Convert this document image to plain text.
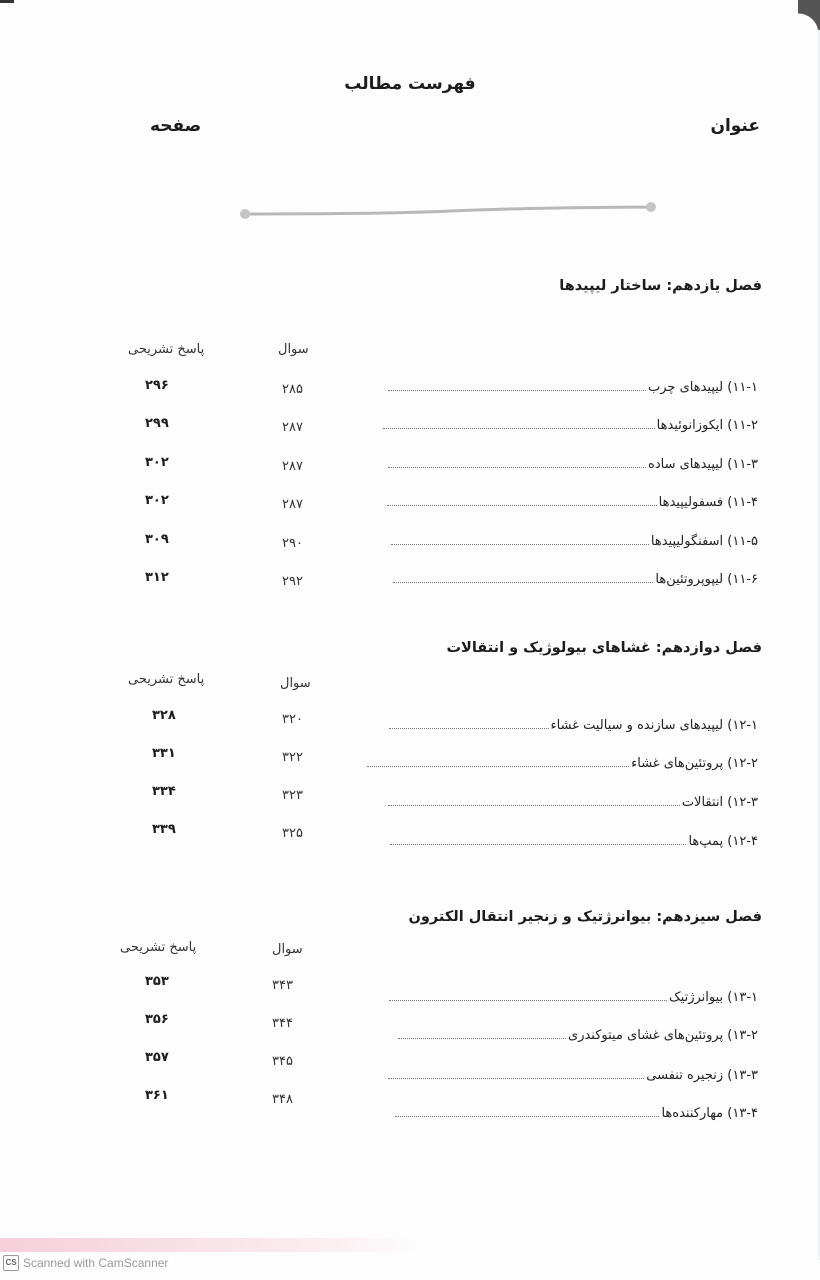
فهرست مطالب
عنوان
صفحه
فصل یازدهم: ساختار لیپیدها
سوال
پاسخ تشریحی
۱۱-۱) لیپیدهای چرب
۲۸۵
۲۹۶
۱۱-۲) ایکوزانوئیدها
۲۸۷
۲۹۹
۱۱-۳) لیپیدهای ساده
۲۸۷
۳۰۲
۱۱-۴) فسفولیپیدها
۲۸۷
۳۰۲
۱۱-۵) اسفنگولیپیدها
۲۹۰
۳۰۹
۱۱-۶) لیپوپروتئین‌ها
۲۹۲
۳۱۲
فصل دوازدهم: غشاهای بیولوژیک و انتقالات
سوال
پاسخ تشریحی
۱۲-۱) لیپیدهای سازنده و سیالیت غشاء
۳۲۰
۳۲۸
۱۲-۲) پروتئین‌های غشاء
۳۲۲
۳۳۱
۱۲-۳) انتقالات
۳۲۳
۳۳۴
۱۲-۴) پمپ‌ها
۳۲۵
۳۳۹
فصل سیزدهم: بیوانرژتیک و زنجیر انتقال الکترون
سوال
پاسخ تشریحی
۱۳-۱) بیوانرژتیک
۳۴۳
۳۵۳
۱۳-۲) پروتئین‌های غشای میتوکندری
۳۴۴
۳۵۶
۱۳-۳) زنجیره تنفسی
۳۴۵
۳۵۷
۱۳-۴) مهارکننده‌ها
۳۴۸
۳۶۱
CS Scanned with CamScanner
